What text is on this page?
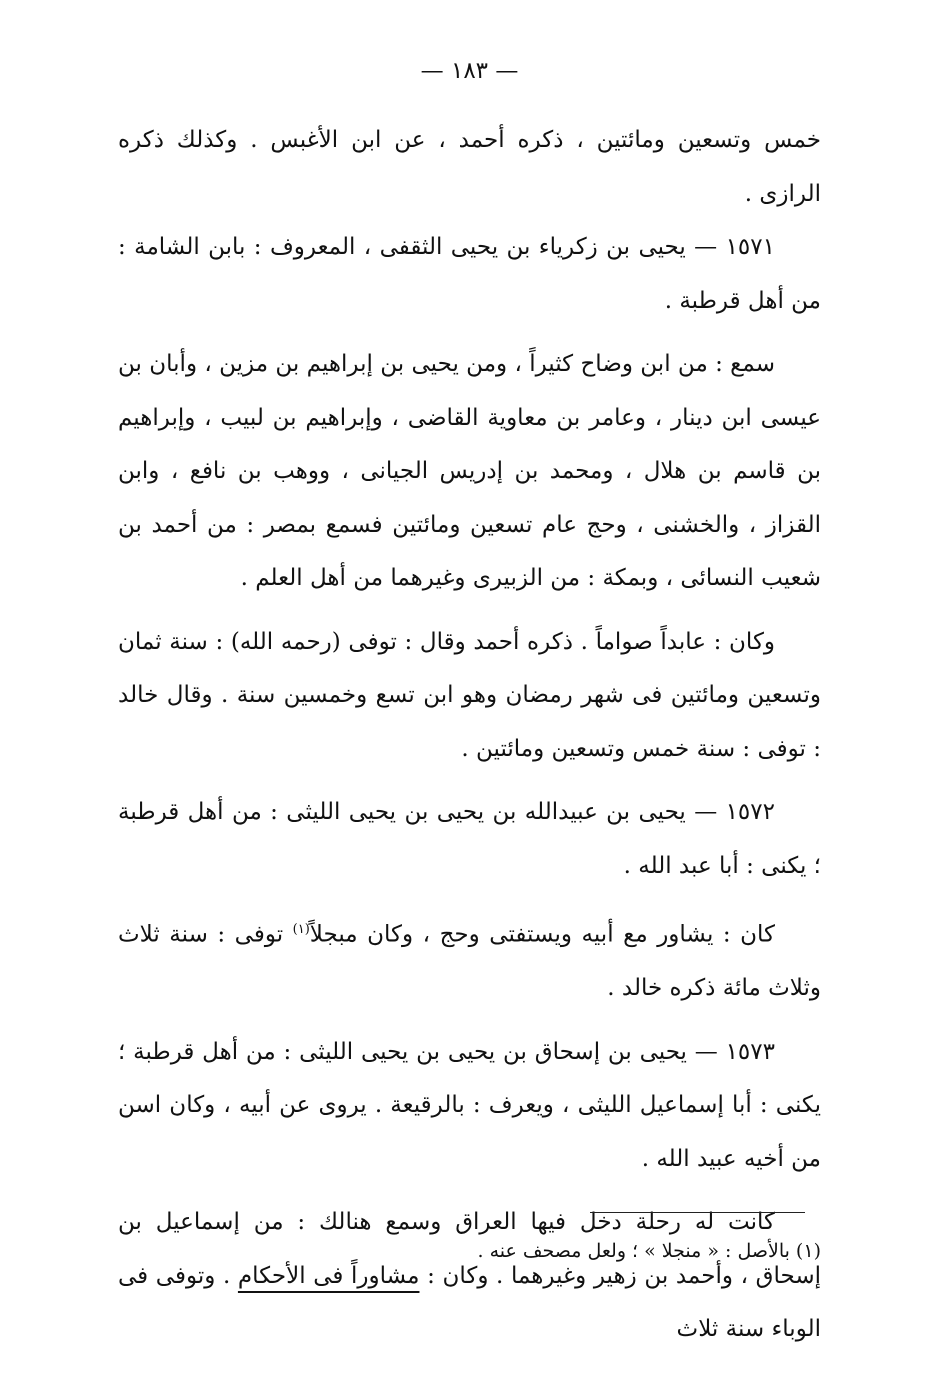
— ١٨٣ —

خمس وتسعين ومائتين ، ذكره أحمد ، عن ابن الأغبس . وكذلك ذكره الرازى .

١٥٧١ — يحيى بن زكرياء بن يحيى الثقفى ، المعروف : بابن الشامة : من أهل قرطبة .

سمع : من ابن وضاح كثيراً ، ومن يحيى بن إبراهيم بن مزين ، وأبان بن عيسى ابن دينار ، وعامر بن معاوية القاضى ، وإبراهيم بن لبيب ، وإبراهيم بن قاسم بن هلال ، ومحمد بن إدريس الجيانى ، ووهب بن نافع ، وابن القزاز ، والخشنى ، وحج عام تسعين ومائتين فسمع بمصر : من أحمد بن شعيب النسائى ، وبمكة : من الزبيرى وغيرهما من أهل العلم .

وكان : عابداً صواماً . ذكره أحمد وقال : توفى (رحمه الله) : سنة ثمان وتسعين ومائتين فى شهر رمضان وهو ابن تسع وخمسين سنة . وقال خالد : توفى : سنة خمس وتسعين ومائتين .

١٥٧٢ — يحيى بن عبيدالله بن يحيى بن يحيى الليثى : من أهل قرطبة ؛ يكنى : أبا عبد الله .

كان : يشاور مع أبيه ويستفتى وحج ، وكان مبجلاً$^{(١)}$ توفى : سنة ثلاث وثلاث مائة ذكره خالد .

١٥٧٣ — يحيى بن إسحاق بن يحيى بن يحيى الليثى : من أهل قرطبة ؛ يكنى : أبا إسماعيل الليثى ، ويعرف : بالرقيعة . يروى عن أبيه ، وكان اسن من أخيه عبيد الله .

كانت له رحلة دخل فيها العراق وسمع هنالك : من إسماعيل بن إسحاق ، وأحمد بن زهير وغيرهما . وكان : مشاوراً فى الأحكام . وتوفى فى الوباء سنة ثلاث

(١) بالأصل : « منجلا » ؛ ولعل مصحف عنه .
